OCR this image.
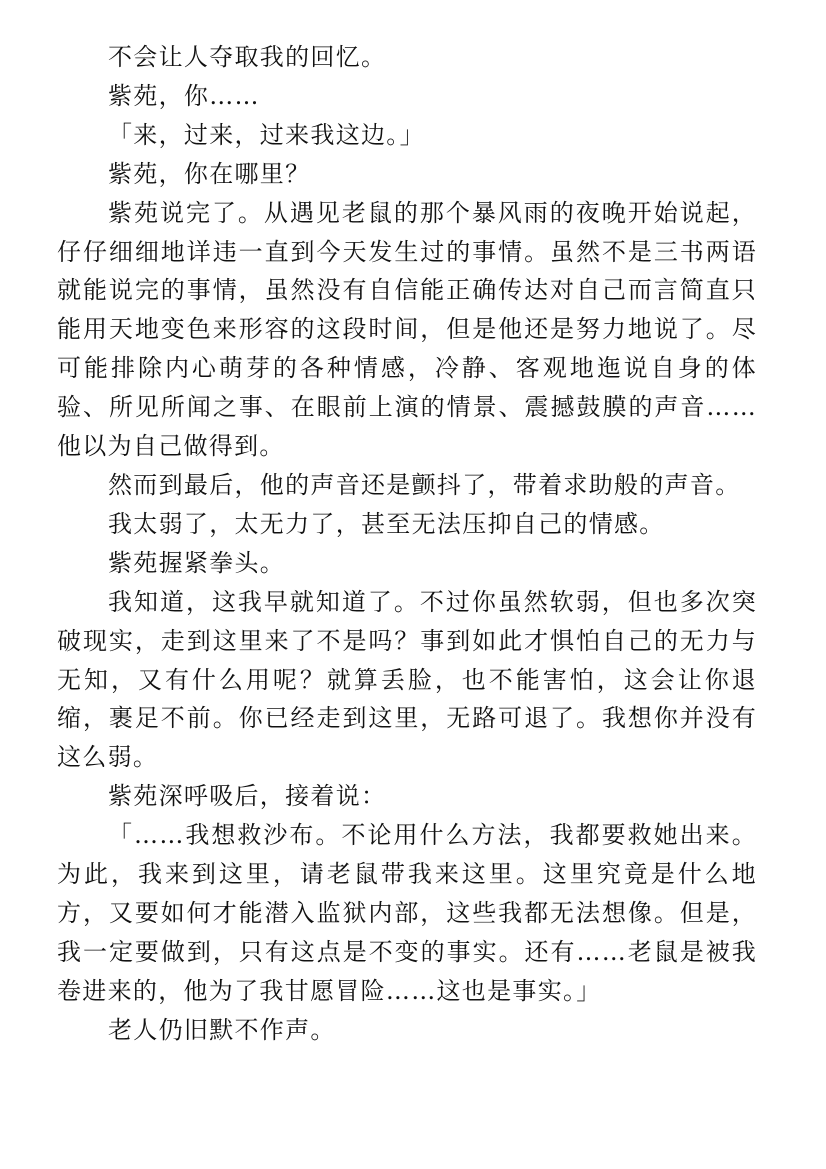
不会让人夺取我的回忆。

紫苑，你……

「来，过来，过来我这边。」

紫苑，你在哪里？

紫苑说完了。从遇见老鼠的那个暴风雨的夜晚开始说起，仔仔细细地详违一直到今天发生过的事情。虽然不是三书两语就能说完的事情，虽然没有自信能正确传达对自己而言简直只能用天地变色来形容的这段时间，但是他还是努力地说了。尽可能排除内心萌芽的各种情感，冷静、客观地迤说自身的体验、所见所闻之事、在眼前上演的情景、震撼鼓膜的声音……他以为自己做得到。

然而到最后，他的声音还是颤抖了，带着求助般的声音。

我太弱了，太无力了，甚至无法压抑自己的情感。

紫苑握紧拳头。

我知道，这我早就知道了。不过你虽然软弱，但也多次突破现实，走到这里来了不是吗？事到如此才惧怕自己的无力与无知，又有什么用呢？就算丢脸，也不能害怕，这会让你退缩，裹足不前。你已经走到这里，无路可退了。我想你并没有这么弱。

紫苑深呼吸后，接着说：

「……我想救沙布。不论用什么方法，我都要救她出来。为此，我来到这里，请老鼠带我来这里。这里究竟是什么地方，又要如何才能潜入监狱内部，这些我都无法想像。但是，我一定要做到，只有这点是不变的事实。还有……老鼠是被我卷进来的，他为了我甘愿冒险……这也是事实。」

老人仍旧默不作声。
